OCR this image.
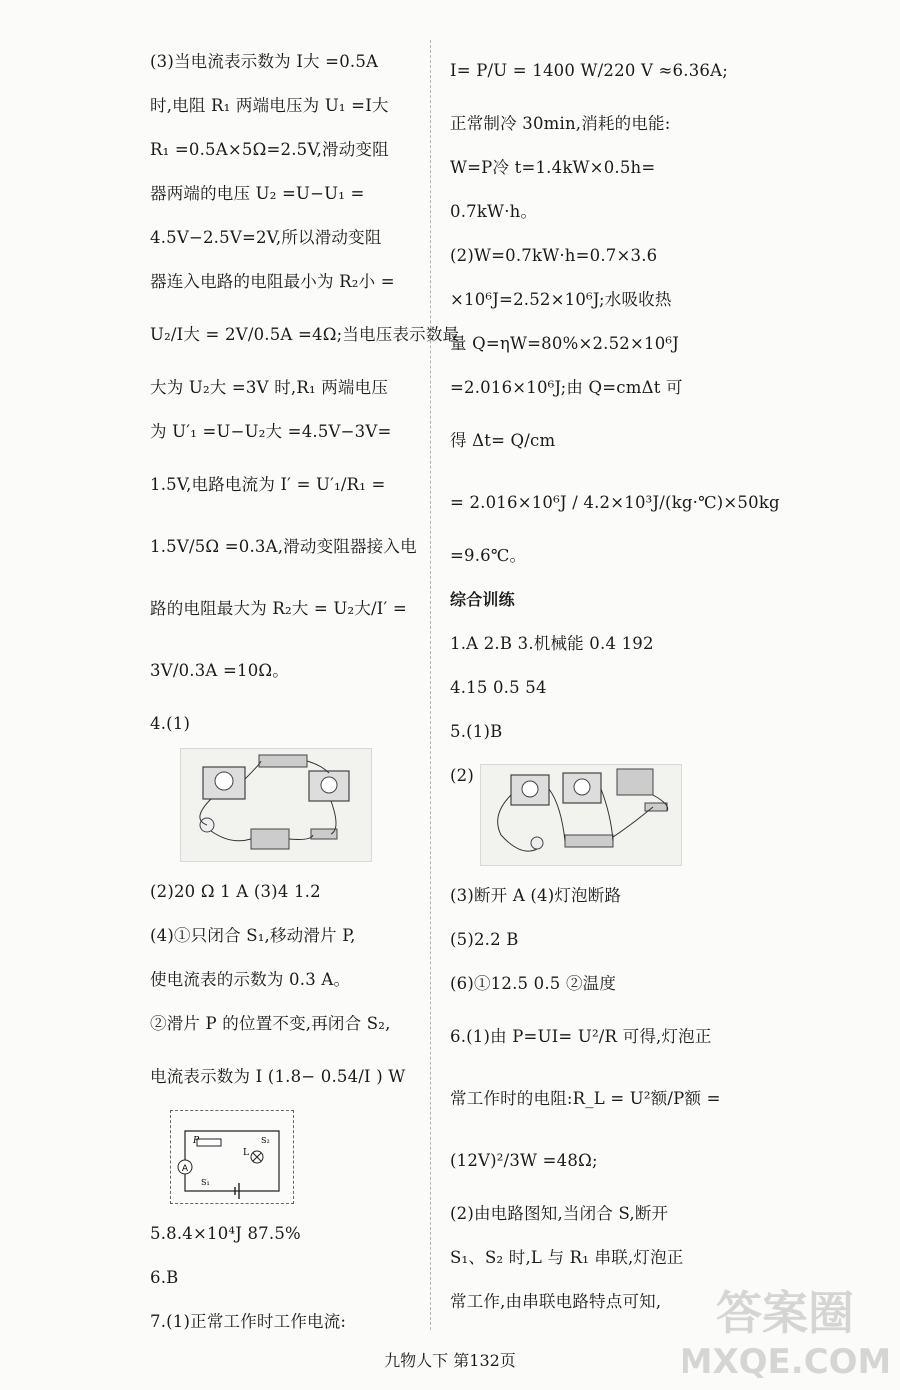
(3)当电流表示数为 I大 =0.5A
时,电阻 R₁ 两端电压为 U₁ =I大
R₁ =0.5A×5Ω=2.5V,滑动变阻
器两端的电压 U₂ =U−U₁ =
4.5V−2.5V=2V,所以滑动变阻
器连入电路的电阻最小为 R₂小 =
U₂/I大 = 2V/0.5A =4Ω;当电压表示数最
大为 U₂大 =3V 时,R₁ 两端电压
为 U′₁ =U−U₂大 =4.5V−3V=
1.5V,电路电流为 I′ = U′₁/R₁ =
1.5V/5Ω =0.3A,滑动变阻器接入电
路的电阻最大为 R₂大 = U₂大/I′ =
3V/0.3A =10Ω。
4.(1)
(2)20 Ω 1 A (3)4 1.2
(4)①只闭合 S₁,移动滑片 P,
使电流表的示数为 0.3 A。
②滑片 P 的位置不变,再闭合 S₂,
电流表示数为 I (1.8− 0.54/I ) W
A
P	S₂
L
S₁
5.8.4×10⁴J 87.5%
6.B
7.(1)正常工作时工作电流:
I= P/U = 1400 W/220 V ≈6.36A;
正常制冷 30min,消耗的电能:
W=P冷 t=1.4kW×0.5h=
0.7kW·h。
(2)W=0.7kW·h=0.7×3.6
×10⁶J=2.52×10⁶J;水吸收热
量 Q=ηW=80%×2.52×10⁶J
=2.016×10⁶J;由 Q=cmΔt 可
得 Δt= Q/cm
= 2.016×10⁶J / 4.2×10³J/(kg·℃)×50kg
=9.6℃。
综合训练
1.A 2.B 3.机械能 0.4 192
4.15 0.5 54
5.(1)B
(2)
(3)断开 A (4)灯泡断路
(5)2.2 B
(6)①12.5 0.5 ②温度
6.(1)由 P=UI= U²/R 可得,灯泡正
常工作时的电阻:R_L = U²额/P额 =
(12V)²/3W =48Ω;
(2)由电路图知,当闭合 S,断开
S₁、S₂ 时,L 与 R₁ 串联,灯泡正
常工作,由串联电路特点可知,
九物人下 第132页
答案圈
MXQE.COM
